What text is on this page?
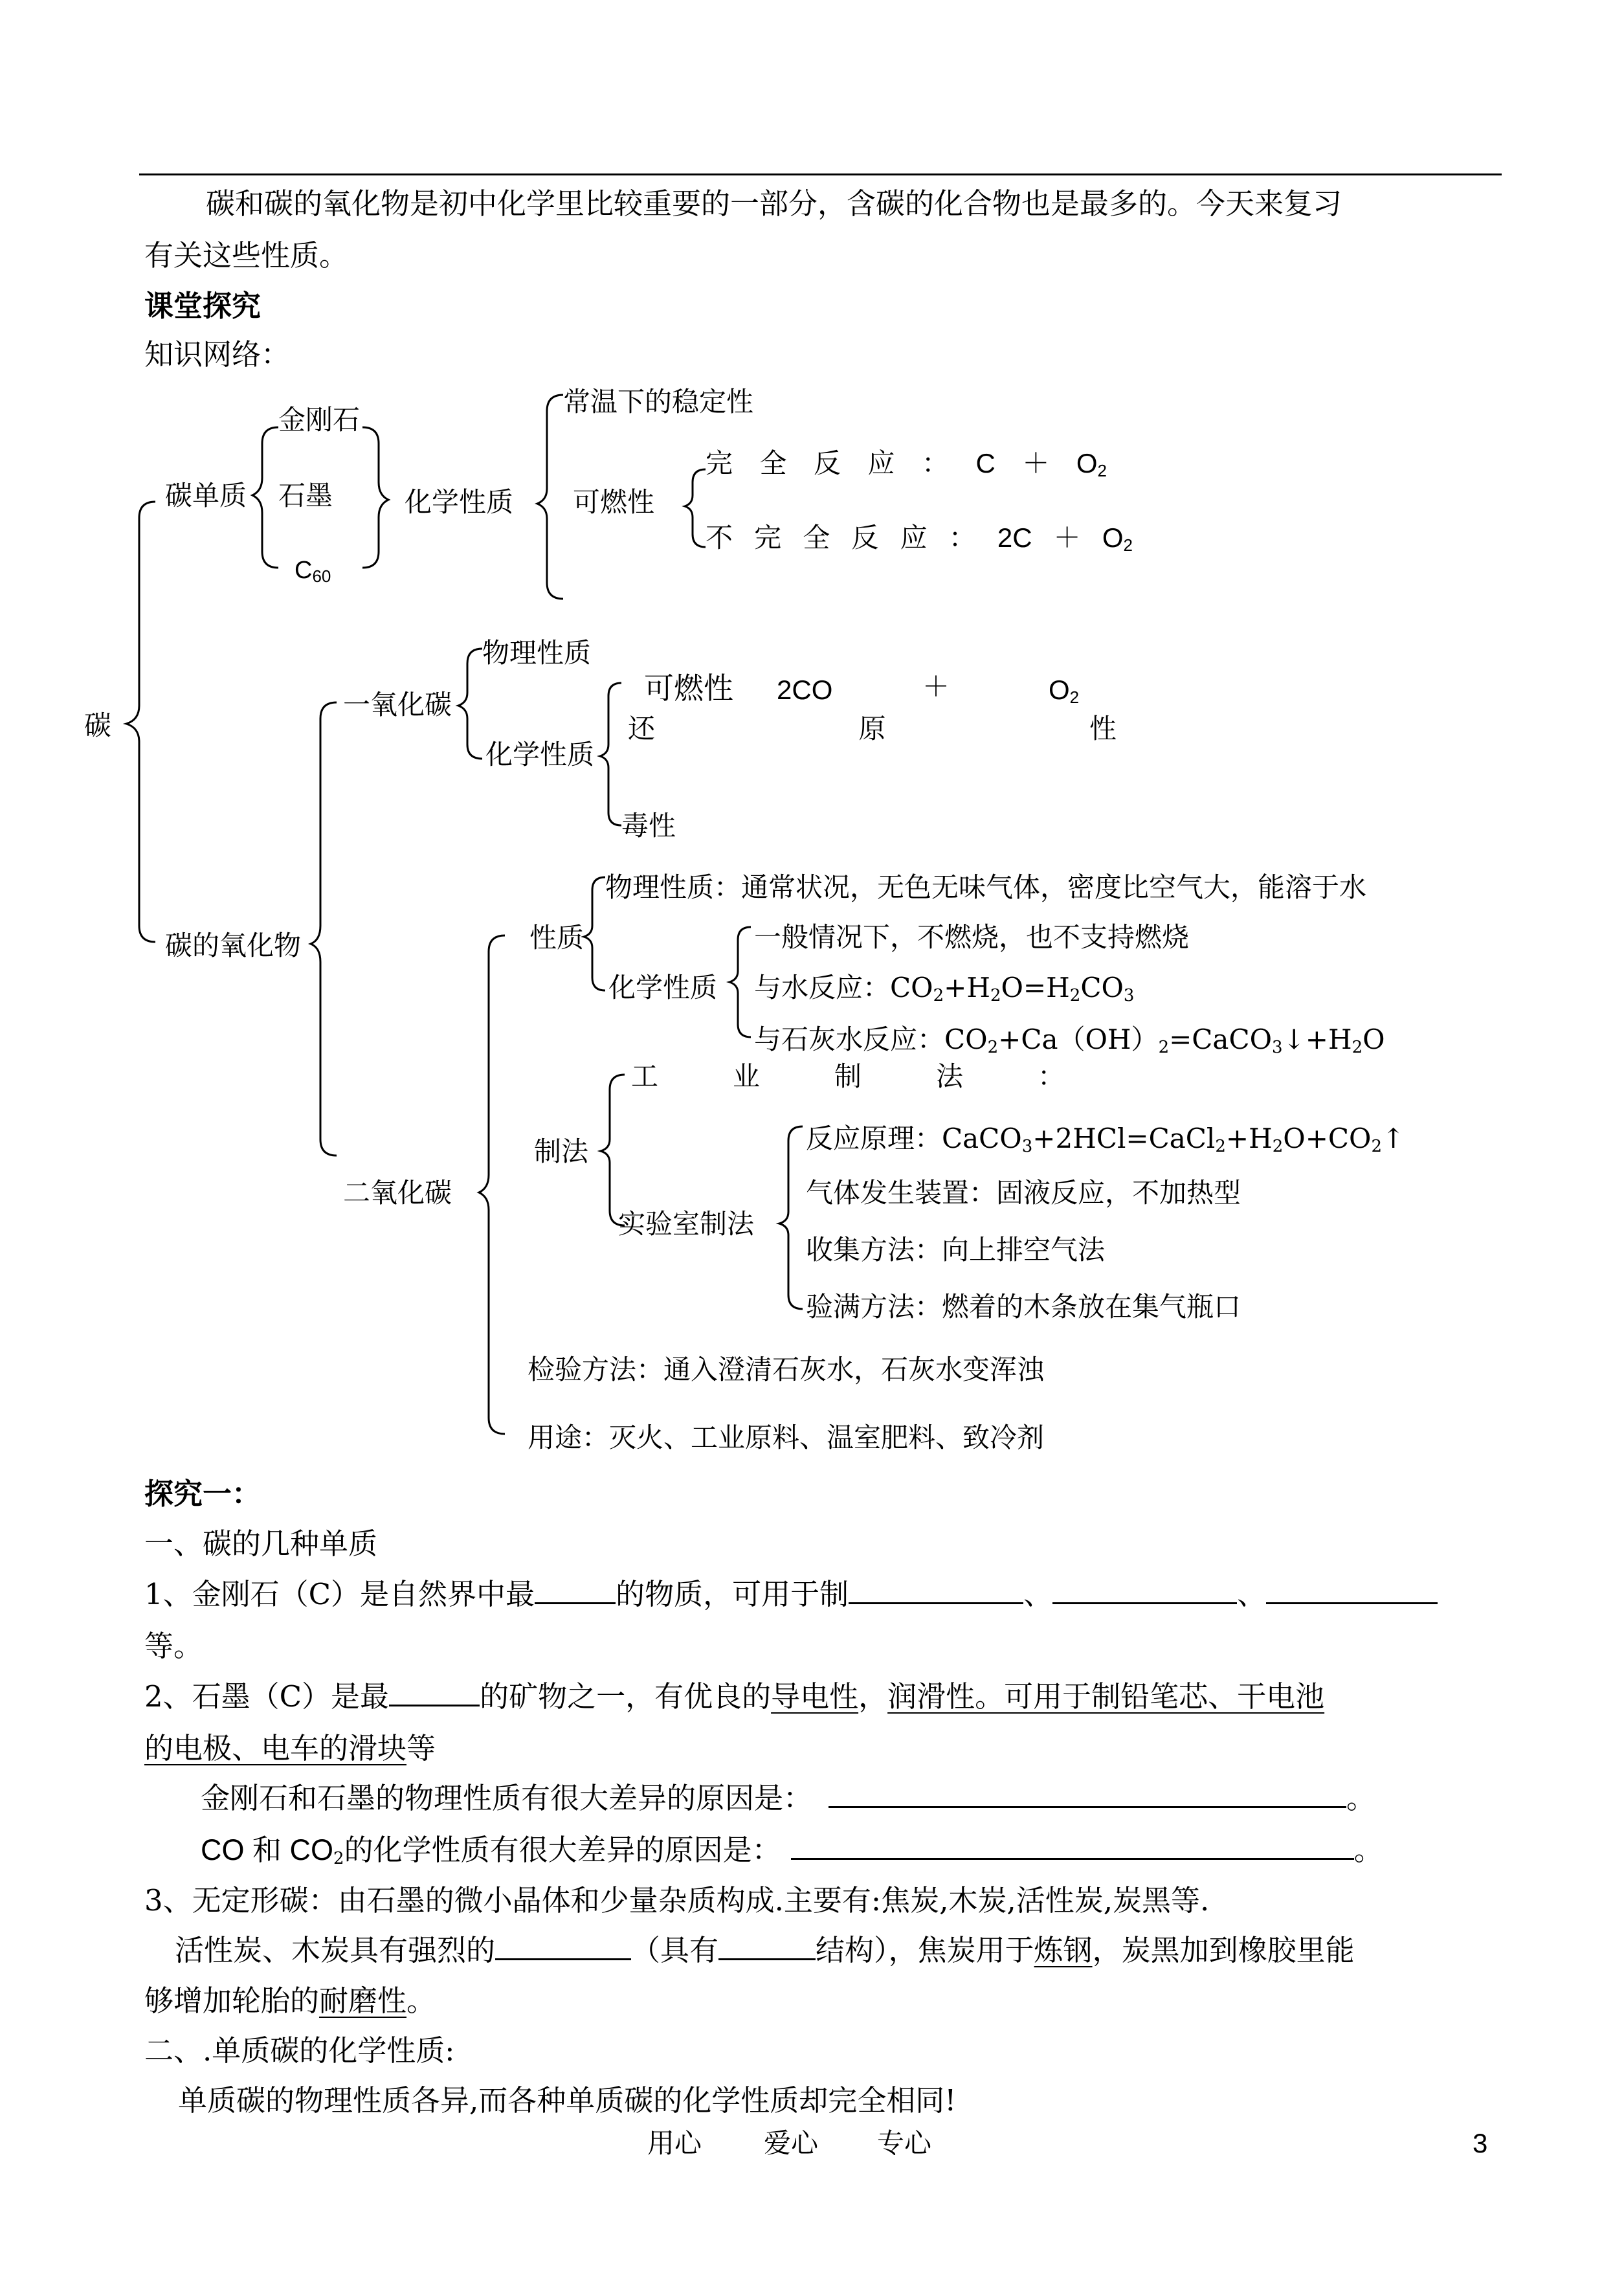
碳和碳的氧化物是初中化学里比较重要的一部分，含碳的化合物也是最多的。今天来复习
有关这些性质。
课堂探究
知识网络：
碳
碳单质
金刚石
石墨
$C_{60}$
化学性质
常温下的稳定性
可燃性
完 全 反 应 ： $C + O_2$
不 完 全 反 应 ： $2C + O_2$
碳的氧化物
一氧化碳
物理性质
化学性质
可燃性 2CO	＋	$O_2$
还	原	性
毒性
二氧化碳
性质
物理性质：通常状况，无色无味气体，密度比空气大，能溶于水
化学性质
一般情况下，不燃烧，也不支持燃烧
与水反应：$CO_2+H_2O=H_2CO_3$
与石灰水反应：$CO_2+Ca(OH)_2=CaCO_3↓+H_2O$
制法
工	业	制	法	：
实验室制法
反应原理：$CaCO_3+2HCl=CaCl_2+H_2O+CO_2↑$
气体发生装置：固液反应，不加热型
收集方法：向上排空气法
验满方法：燃着的木条放在集气瓶口
检验方法：通入澄清石灰水，石灰水变浑浊
用途：灭火、工业原料、温室肥料、致冷剂
探究一：
一、碳的几种单质
1、金刚石（C）是自然界中最	的物质，可用于制	、	、
等。
2、石墨（C）是最	的矿物之一，有优良的导电性，润滑性。可用于制铅笔芯、干电池
的电极、电车的滑块等
金刚石和石墨的物理性质有很大差异的原因是：	。
CO 和 $CO_2$的化学性质有很大差异的原因是：	。
3、无定形碳：由石墨的微小晶体和少量杂质构成.主要有:焦炭,木炭,活性炭,炭黑等.
活性炭、木炭具有强烈的	（具有	结构），焦炭用于炼钢，炭黑加到橡胶里能
够增加轮胎的耐磨性。
二、.单质碳的化学性质:
单质碳的物理性质各异,而各种单质碳的化学性质却完全相同!
用心 爱心 专心	3
